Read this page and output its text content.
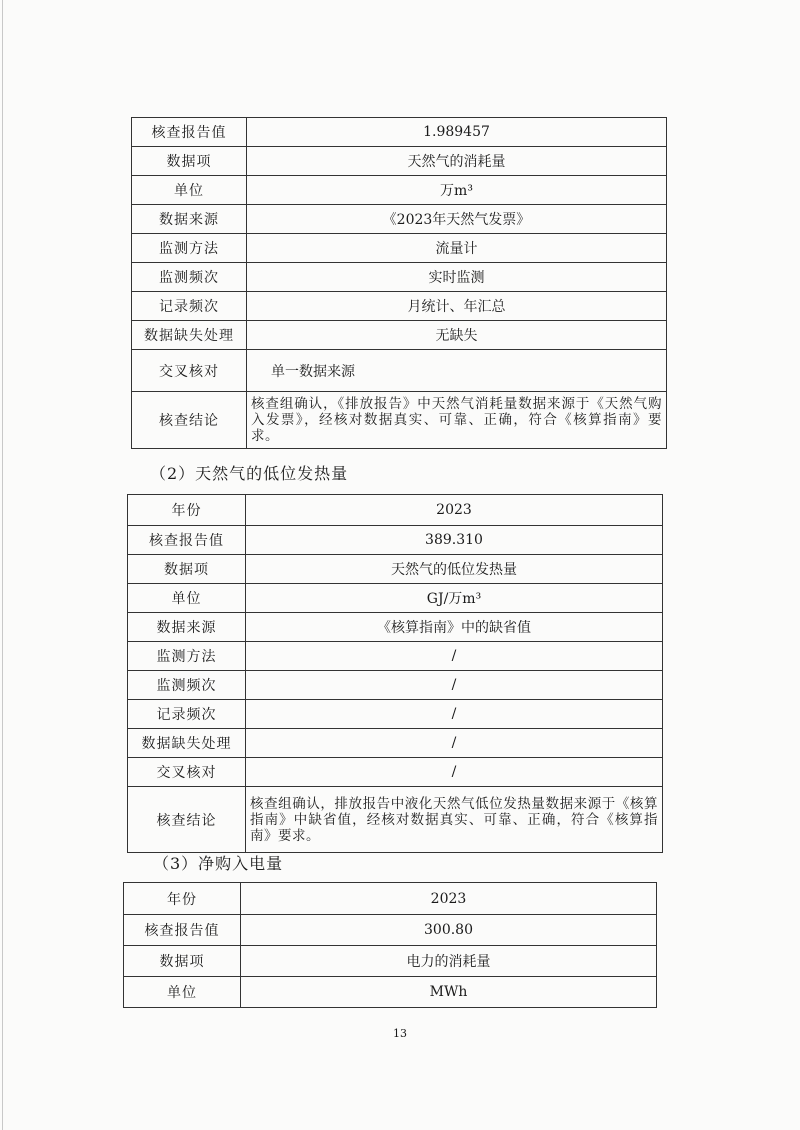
核查报告值	1.989457
数据项	天然气的消耗量
单位	万m³
数据来源	《2023年天然气发票》
监测方法	流量计
监测频次	实时监测
记录频次	月统计、年汇总
数据缺失处理	无缺失
交叉核对	单一数据来源
核查结论	核查组确认，《排放报告》中天然气消耗量数据来源于《天然气购入发票》，经核对数据真实、可靠、正确，符合《核算指南》要求。
（2）天然气的低位发热量
年份	2023
核查报告值	389.310
数据项	天然气的低位发热量
单位	GJ/万m³
数据来源	《核算指南》中的缺省值
监测方法	/
监测频次	/
记录频次	/
数据缺失处理	/
交叉核对	/
核查结论	核查组确认，排放报告中液化天然气低位发热量数据来源于《核算指南》中缺省值，经核对数据真实、可靠、正确，符合《核算指南》要求。
（3）净购入电量
年份	2023
核查报告值	300.80
数据项	电力的消耗量
单位	MWh
13
